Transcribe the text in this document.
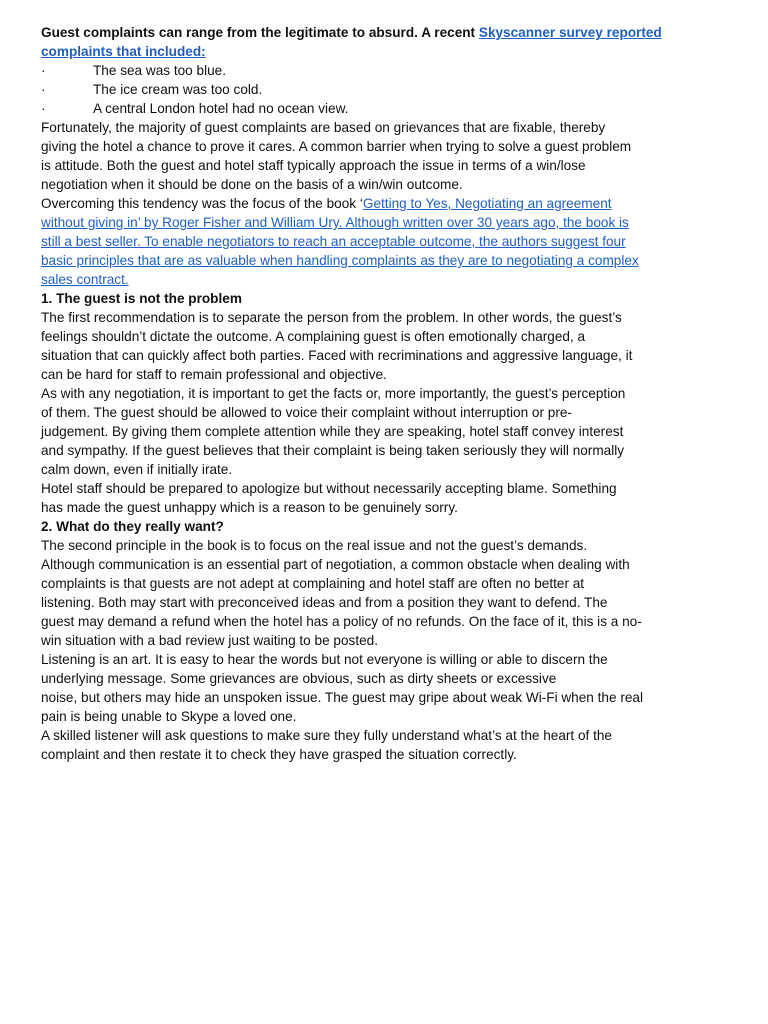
Guest complaints can range from the legitimate to absurd. A recent Skyscanner survey reported
complaints that included:
·	The sea was too blue.
·	The ice cream was too cold.
·	A central London hotel had no ocean view.
Fortunately, the majority of guest complaints are based on grievances that are fixable, thereby
giving the hotel a chance to prove it cares. A common barrier when trying to solve a guest problem
is attitude. Both the guest and hotel staff typically approach the issue in terms of a win/lose
negotiation when it should be done on the basis of a win/win outcome.
Overcoming this tendency was the focus of the book ‘Getting to Yes, Negotiating an agreement
without giving in’ by Roger Fisher and William Ury. Although written over 30 years ago, the book is
still a best seller. To enable negotiators to reach an acceptable outcome, the authors suggest four
basic principles that are as valuable when handling complaints as they are to negotiating a complex
sales contract.
1. The guest is not the problem
The first recommendation is to separate the person from the problem. In other words, the guest’s
feelings shouldn’t dictate the outcome. A complaining guest is often emotionally charged, a
situation that can quickly affect both parties. Faced with recriminations and aggressive language, it
can be hard for staff to remain professional and objective.
As with any negotiation, it is important to get the facts or, more importantly, the guest’s perception
of them. The guest should be allowed to voice their complaint without interruption or pre-
judgement. By giving them complete attention while they are speaking, hotel staff convey interest
and sympathy. If the guest believes that their complaint is being taken seriously they will normally
calm down, even if initially irate.
Hotel staff should be prepared to apologize but without necessarily accepting blame. Something
has made the guest unhappy which is a reason to be genuinely sorry.
2. What do they really want?
The second principle in the book is to focus on the real issue and not the guest’s demands.
Although communication is an essential part of negotiation, a common obstacle when dealing with
complaints is that guests are not adept at complaining and hotel staff are often no better at
listening. Both may start with preconceived ideas and from a position they want to defend. The
guest may demand a refund when the hotel has a policy of no refunds. On the face of it, this is a no-
win situation with a bad review just waiting to be posted.
Listening is an art. It is easy to hear the words but not everyone is willing or able to discern the
underlying message. Some grievances are obvious, such as dirty sheets or excessive
noise, but others may hide an unspoken issue. The guest may gripe about weak Wi-Fi when the real
pain is being unable to Skype a loved one.
A skilled listener will ask questions to make sure they fully understand what’s at the heart of the
complaint and then restate it to check they have grasped the situation correctly.
